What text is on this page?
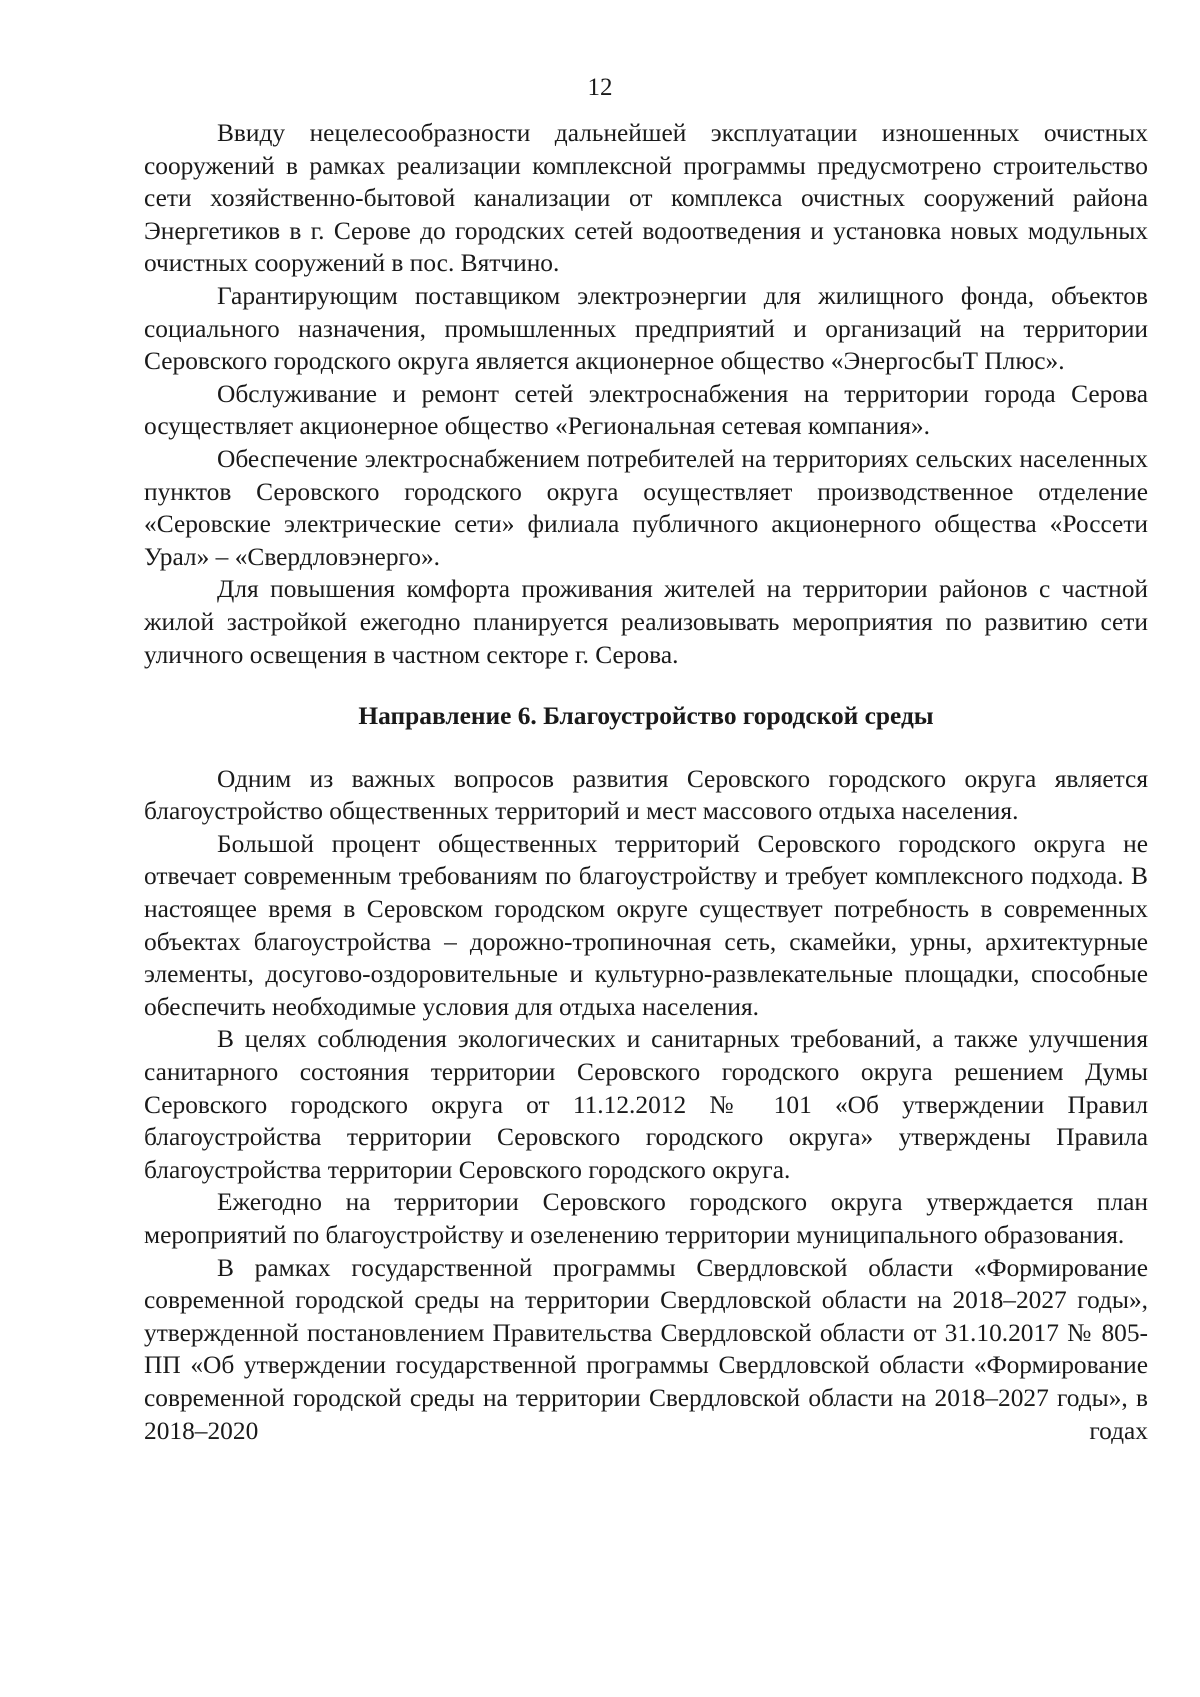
12

Ввиду нецелесообразности дальнейшей эксплуатации изношенных очистных сооружений в рамках реализации комплексной программы предусмотрено строительство сети хозяйственно-бытовой канализации от комплекса очистных сооружений района Энергетиков в г. Серове до городских сетей водоотведения и установка новых модульных очистных сооружений в пос. Вятчино.

Гарантирующим поставщиком электроэнергии для жилищного фонда, объектов социального назначения, промышленных предприятий и организаций на территории Серовского городского округа является акционерное общество «ЭнергосбыТ Плюс».

Обслуживание и ремонт сетей электроснабжения на территории города Серова осуществляет акционерное общество «Региональная сетевая компания».

Обеспечение электроснабжением потребителей на территориях сельских населенных пунктов Серовского городского округа осуществляет производственное отделение «Серовские электрические сети» филиала публичного акционерного общества «Россети Урал» – «Свердловэнерго».

Для повышения комфорта проживания жителей на территории районов с частной жилой застройкой ежегодно планируется реализовывать мероприятия по развитию сети уличного освещения в частном секторе г. Серова.

Направление 6. Благоустройство городской среды

Одним из важных вопросов развития Серовского городского округа является благоустройство общественных территорий и мест массового отдыха населения.

Большой процент общественных территорий Серовского городского округа не отвечает современным требованиям по благоустройству и требует комплексного подхода. В настоящее время в Серовском городском округе существует потребность в современных объектах благоустройства – дорожно-тропиночная сеть, скамейки, урны, архитектурные элементы, досугово-оздоровительные и культурно-развлекательные площадки, способные обеспечить необходимые условия для отдыха населения.

В целях соблюдения экологических и санитарных требований, а также улучшения санитарного состояния территории Серовского городского округа решением Думы Серовского городского округа от 11.12.2012 № 101 «Об утверждении Правил благоустройства территории Серовского городского округа» утверждены Правила благоустройства территории Серовского городского округа.

Ежегодно на территории Серовского городского округа утверждается план мероприятий по благоустройству и озеленению территории муниципального образования.

В рамках государственной программы Свердловской области «Формирование современной городской среды на территории Свердловской области на 2018–2027 годы», утвержденной постановлением Правительства Свердловской области от 31.10.2017 № 805-ПП «Об утверждении государственной программы Свердловской области «Формирование современной городской среды на территории Свердловской области на 2018–2027 годы», в 2018–2020 годах
